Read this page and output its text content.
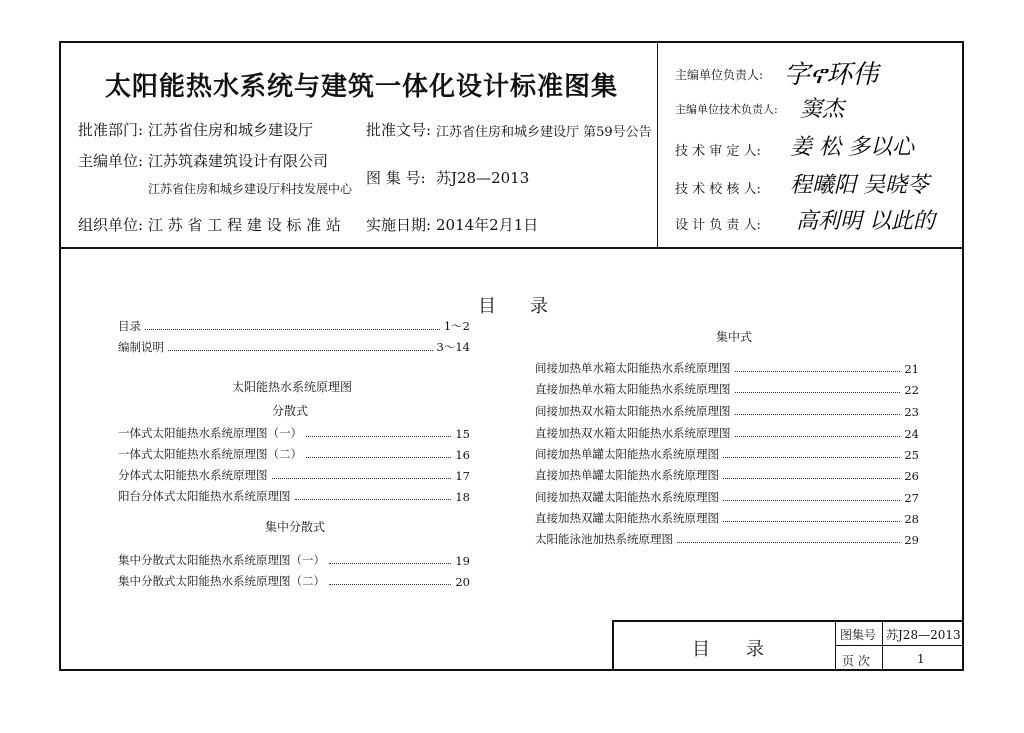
太阳能热水系统与建筑一体化设计标准图集
批准部门: 江苏省住房和城乡建设厅	批准文号: 江苏省住房和城乡建设厅 第59号公告
主编单位: 江苏筑森建筑设计有限公司
江苏省住房和城乡建设厅科技发展中心
图 集 号: 苏J28—2013
组织单位: 江 苏 省 工 程 建 设 标 准 站 实施日期: 2014年2月1日
主编单位负责人: 字ኖ环伟
主编单位技术负责人: 窦杰
技 术 审 定 人: 姜 松 多以心
技 术 校 核 人: 程曦阳 吴晓苓
设 计 负 责 人: 高利明 以此的
目录
目录	1～2
编制说明	3～14
太阳能热水系统原理图
分散式
一体式太阳能热水系统原理图（一）	15
一体式太阳能热水系统原理图（二）	16
分体式太阳能热水系统原理图	17
阳台分体式太阳能热水系统原理图	18
集中分散式
集中分散式太阳能热水系统原理图（一）	19
集中分散式太阳能热水系统原理图（二）	20
集中式
间接加热单水箱太阳能热水系统原理图	21
直接加热单水箱太阳能热水系统原理图	22
间接加热双水箱太阳能热水系统原理图	23
直接加热双水箱太阳能热水系统原理图	24
间接加热单罐太阳能热水系统原理图	25
直接加热单罐太阳能热水系统原理图	26
间接加热双罐太阳能热水系统原理图	27
直接加热双罐太阳能热水系统原理图	28
太阳能泳池加热系统原理图	29
目录
图集号 苏J28—2013
页 次	1
